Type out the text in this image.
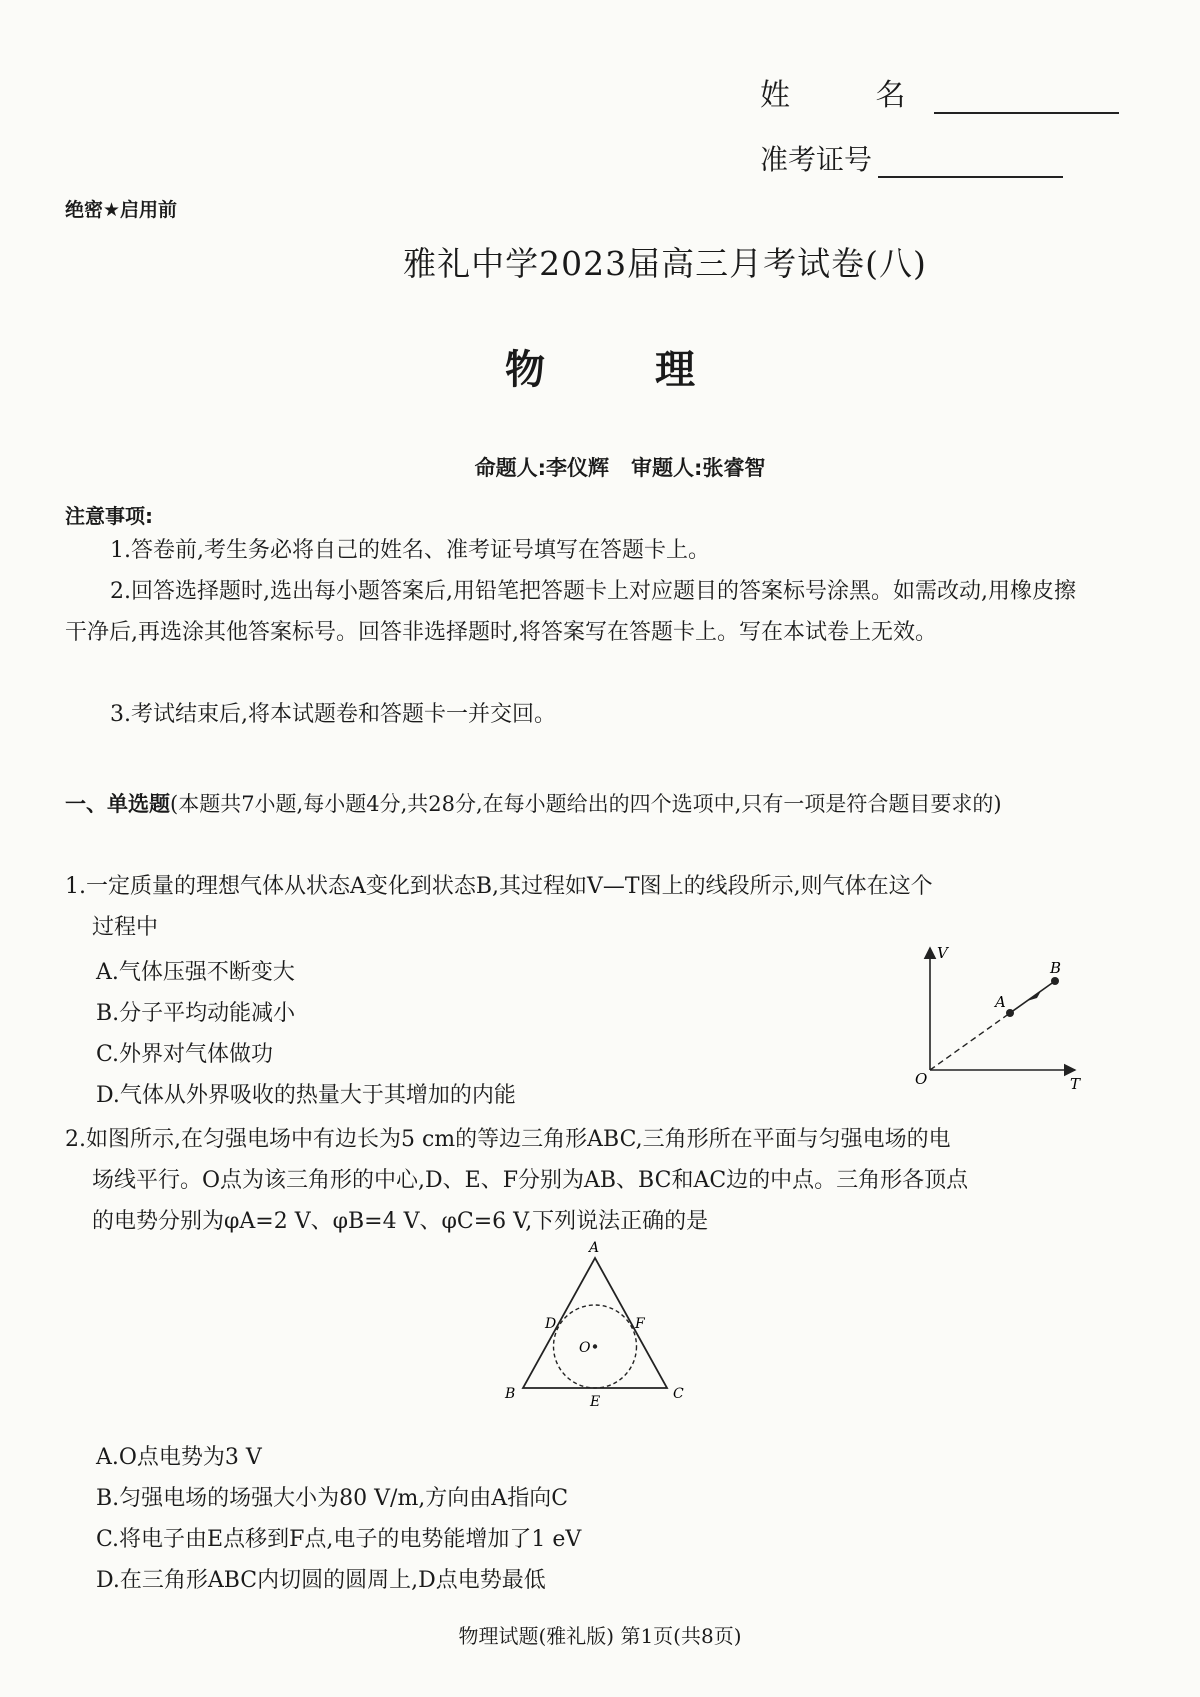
姓 名
准考证号
绝密★启用前
雅礼中学2023届高三月考试卷(八)
物理
命题人:李仪辉 审题人:张睿智
注意事项:
1.答卷前,考生务必将自己的姓名、准考证号填写在答题卡上。
2.回答选择题时,选出每小题答案后,用铅笔把答题卡上对应题目的答案标号涂黑。如需改动,用橡皮擦干净后,再选涂其他答案标号。回答非选择题时,将答案写在答题卡上。写在本试卷上无效。
3.考试结束后,将本试题卷和答题卡一并交回。
一、单选题(本题共7小题,每小题4分,共28分,在每小题给出的四个选项中,只有一项是符合题目要求的)
1.一定质量的理想气体从状态A变化到状态B,其过程如V—T图上的线段所示,则气体在这个
过程中
A.气体压强不断变大
B.分子平均动能减小
C.外界对气体做功
D.气体从外界吸收的热量大于其增加的内能
V
T
O
A
B
2.如图所示,在匀强电场中有边长为5 cm的等边三角形ABC,三角形所在平面与匀强电场的电
场线平行。O点为该三角形的中心,D、E、F分别为AB、BC和AC边的中点。三角形各顶点
的电势分别为φA=2 V、φB=4 V、φC=6 V,下列说法正确的是
A
B	C
D
E
F
O
A.O点电势为3 V
B.匀强电场的场强大小为80 V/m,方向由A指向C
C.将电子由E点移到F点,电子的电势能增加了1 eV
D.在三角形ABC内切圆的圆周上,D点电势最低
物理试题(雅礼版) 第1页(共8页)
